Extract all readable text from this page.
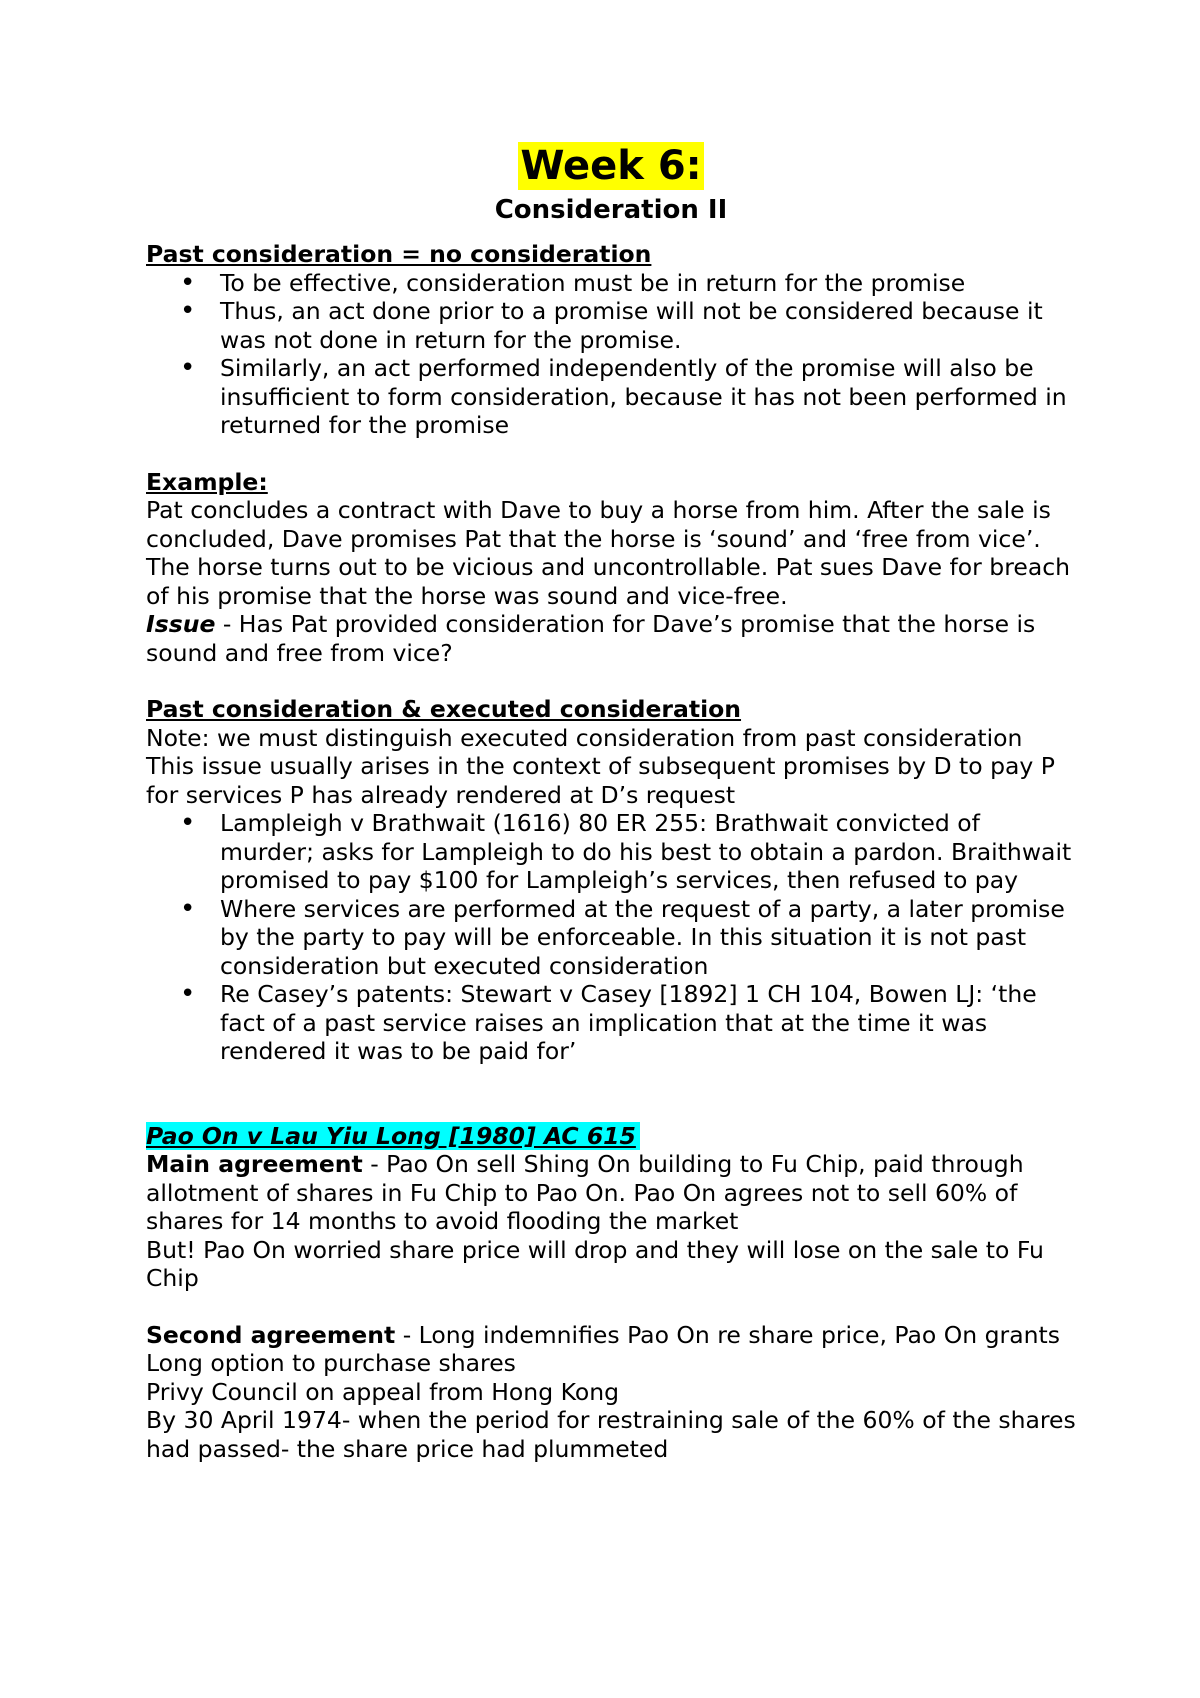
Week 6:
Consideration II
Past consideration = no consideration
• To be effective, consideration must be in return for the promise
• Thus, an act done prior to a promise will not be considered because it was not done in return for the promise.
• Similarly, an act performed independently of the promise will also be insufficient to form consideration, because it has not been performed in returned for the promise
Example:

Pat concludes a contract with Dave to buy a horse from him. After the sale is concluded, Dave promises Pat that the horse is ‘sound’ and ‘free from vice’. The horse turns out to be vicious and uncontrollable. Pat sues Dave for breach of his promise that the horse was sound and vice-free.

Issue - Has Pat provided consideration for Dave’s promise that the horse is sound and free from vice?

Past consideration & executed consideration

Note: we must distinguish executed consideration from past consideration

This issue usually arises in the context of subsequent promises by D to pay P for services P has already rendered at D’s request

• Lampleigh v Brathwait (1616) 80 ER 255: Brathwait convicted of murder; asks for Lampleigh to do his best to obtain a pardon. Braithwait promised to pay $100 for Lampleigh’s services, then refused to pay
• Where services are performed at the request of a party, a later promise by the party to pay will be enforceable. In this situation it is not past consideration but executed consideration
• Re Casey’s patents: Stewart v Casey [1892] 1 CH 104, Bowen LJ: ‘the fact of a past service raises an implication that at the time it was rendered it was to be paid for’
Pao On v Lau Yiu Long [1980] AC 615

Main agreement - Pao On sell Shing On building to Fu Chip, paid through allotment of shares in Fu Chip to Pao On. Pao On agrees not to sell 60% of shares for 14 months to avoid flooding the market

But! Pao On worried share price will drop and they will lose on the sale to Fu Chip

Second agreement - Long indemnifies Pao On re share price, Pao On grants Long option to purchase shares

Privy Council on appeal from Hong Kong

By 30 April 1974- when the period for restraining sale of the 60% of the shares had passed- the share price had plummeted
